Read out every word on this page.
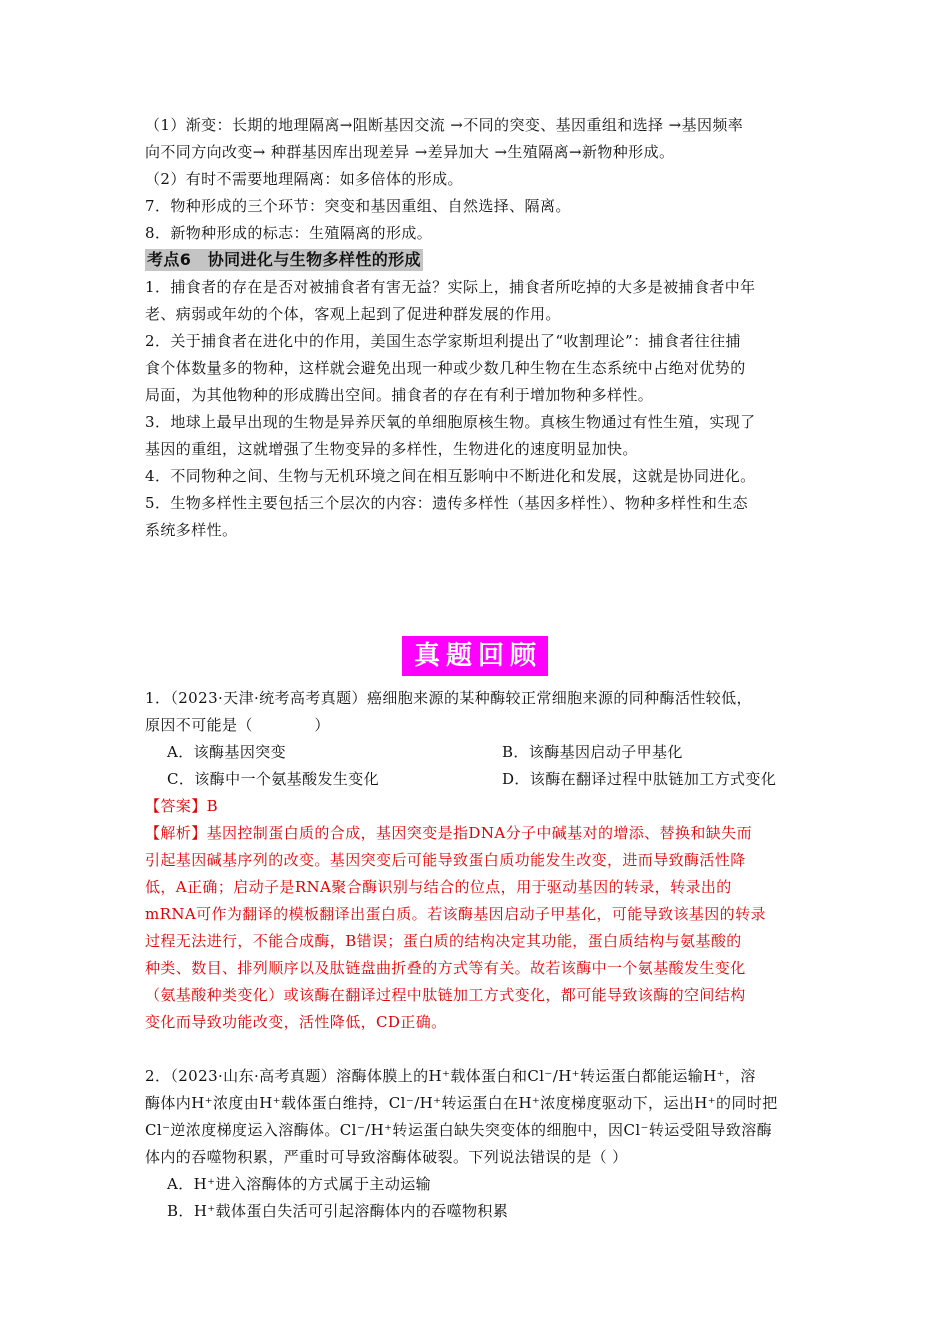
（1）渐变：长期的地理隔离→阻断基因交流 →不同的突变、基因重组和选择 →基因频率
向不同方向改变→ 种群基因库出现差异 →差异加大 →生殖隔离→新物种形成。
（2）有时不需要地理隔离：如多倍体的形成。
7．物种形成的三个环节：突变和基因重组、自然选择、隔离。
8．新物种形成的标志：生殖隔离的形成。
考点6　协同进化与生物多样性的形成
1．捕食者的存在是否对被捕食者有害无益？实际上，捕食者所吃掉的大多是被捕食者中年
老、病弱或年幼的个体，客观上起到了促进种群发展的作用。
2．关于捕食者在进化中的作用，美国生态学家斯坦利提出了“收割理论”：捕食者往往捕
食个体数量多的物种，这样就会避免出现一种或少数几种生物在生态系统中占绝对优势的
局面，为其他物种的形成腾出空间。捕食者的存在有利于增加物种多样性。
3．地球上最早出现的生物是异养厌氧的单细胞原核生物。真核生物通过有性生殖，实现了
基因的重组，这就增强了生物变异的多样性，生物进化的速度明显加快。
4．不同物种之间、生物与无机环境之间在相互影响中不断进化和发展，这就是协同进化。
5．生物多样性主要包括三个层次的内容：遗传多样性（基因多样性）、物种多样性和生态
系统多样性。
真题回顾
1．（2023·天津·统考高考真题）癌细胞来源的某种酶较正常细胞来源的同种酶活性较低，
原因不可能是（　　　　）
A．该酶基因突变	B．该酶基因启动子甲基化
C．该酶中一个氨基酸发生变化	D．该酶在翻译过程中肽链加工方式变化
【答案】B
【解析】基因控制蛋白质的合成，基因突变是指DNA分子中碱基对的增添、替换和缺失而
引起基因碱基序列的改变。基因突变后可能导致蛋白质功能发生改变，进而导致酶活性降
低，A正确；启动子是RNA聚合酶识别与结合的位点，用于驱动基因的转录，转录出的
mRNA可作为翻译的模板翻译出蛋白质。若该酶基因启动子甲基化，可能导致该基因的转录
过程无法进行，不能合成酶，B错误；蛋白质的结构决定其功能，蛋白质结构与氨基酸的
种类、数目、排列顺序以及肽链盘曲折叠的方式等有关。故若该酶中一个氨基酸发生变化
（氨基酸种类变化）或该酶在翻译过程中肽链加工方式变化，都可能导致该酶的空间结构
变化而导致功能改变，活性降低，CD正确。
2．（2023·山东·高考真题）溶酶体膜上的H⁺载体蛋白和Cl⁻/H⁺转运蛋白都能运输H⁺，溶
酶体内H⁺浓度由H⁺载体蛋白维持，Cl⁻/H⁺转运蛋白在H⁺浓度梯度驱动下，运出H⁺的同时把
Cl⁻逆浓度梯度运入溶酶体。Cl⁻/H⁺转运蛋白缺失突变体的细胞中，因Cl⁻转运受阻导致溶酶
体内的吞噬物积累，严重时可导致溶酶体破裂。下列说法错误的是（ ）
A．H⁺进入溶酶体的方式属于主动运输
B．H⁺载体蛋白失活可引起溶酶体内的吞噬物积累
